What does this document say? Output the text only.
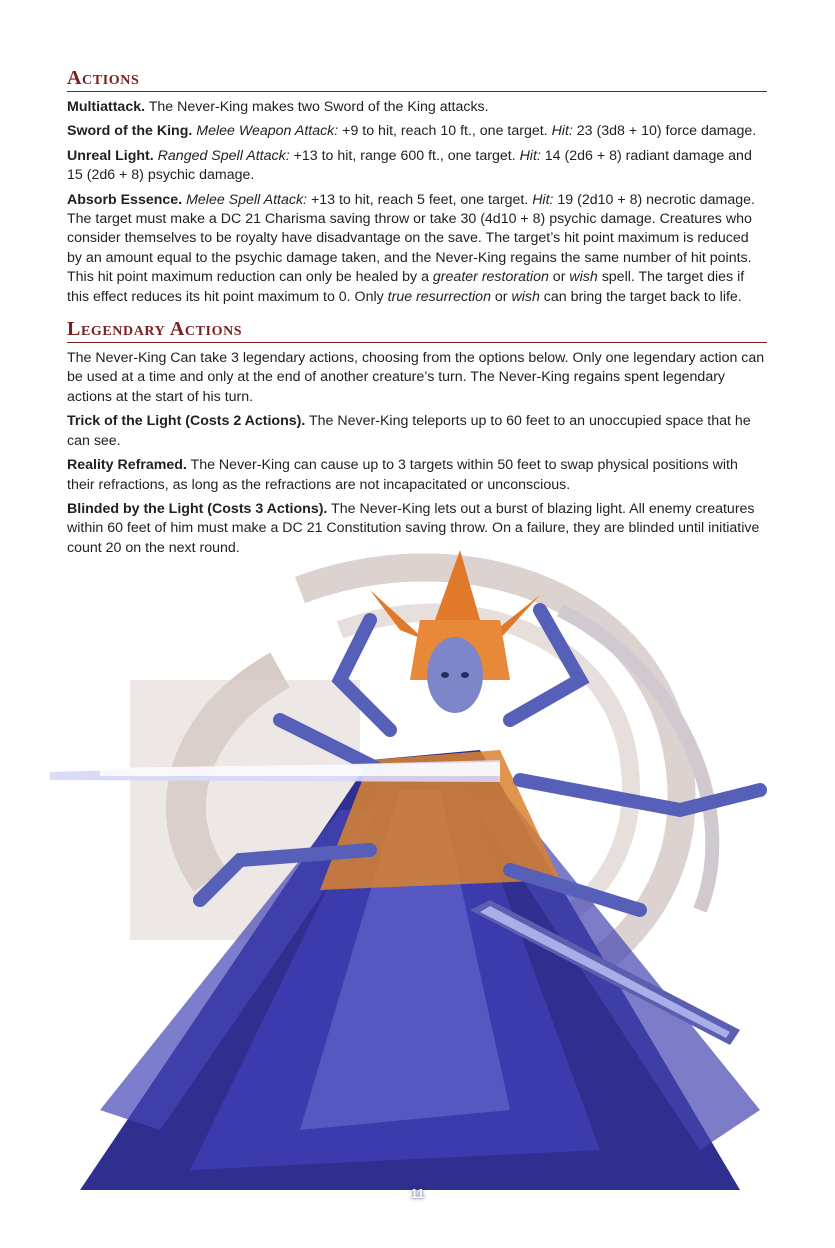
Actions

Multiattack. The Never-King makes two Sword of the King attacks.

Sword of the King. Melee Weapon Attack: +9 to hit, reach 10 ft., one target. Hit: 23 (3d8 + 10) force damage.

Unreal Light. Ranged Spell Attack: +13 to hit, range 600 ft., one target. Hit: 14 (2d6 + 8) radiant damage and 15 (2d6 + 8) psychic damage.

Absorb Essence. Melee Spell Attack: +13 to hit, reach 5 feet, one target. Hit: 19 (2d10 + 8) necrotic damage. The target must make a DC 21 Charisma saving throw or take 30 (4d10 + 8) psychic damage. Creatures who consider themselves to be royalty have disadvantage on the save. The target’s hit point maximum is reduced by an amount equal to the psychic damage taken, and the Never-King regains the same number of hit points. This hit point maximum reduction can only be healed by a greater restoration or wish spell. The target dies if this effect reduces its hit point maximum to 0. Only true resurrection or wish can bring the target back to life.

Legendary Actions

The Never-King Can take 3 legendary actions, choosing from the options below. Only one legendary action can be used at a time and only at the end of another creature’s turn. The Never-King regains spent legendary actions at the start of his turn.

Trick of the Light (Costs 2 Actions). The Never-King teleports up to 60 feet to an unoccupied space that he can see.

Reality Reframed. The Never-King can cause up to 3 targets within 50 feet to swap physical positions with their refractions, as long as the refractions are not incapacitated or unconscious.

Blinded by the Light (Costs 3 Actions). The Never-King lets out a burst of blazing light. All enemy creatures within 60 feet of him must make a DC 21 Constitution saving throw. On a failure, they are blinded until initiative count 20 on the next round.

11
